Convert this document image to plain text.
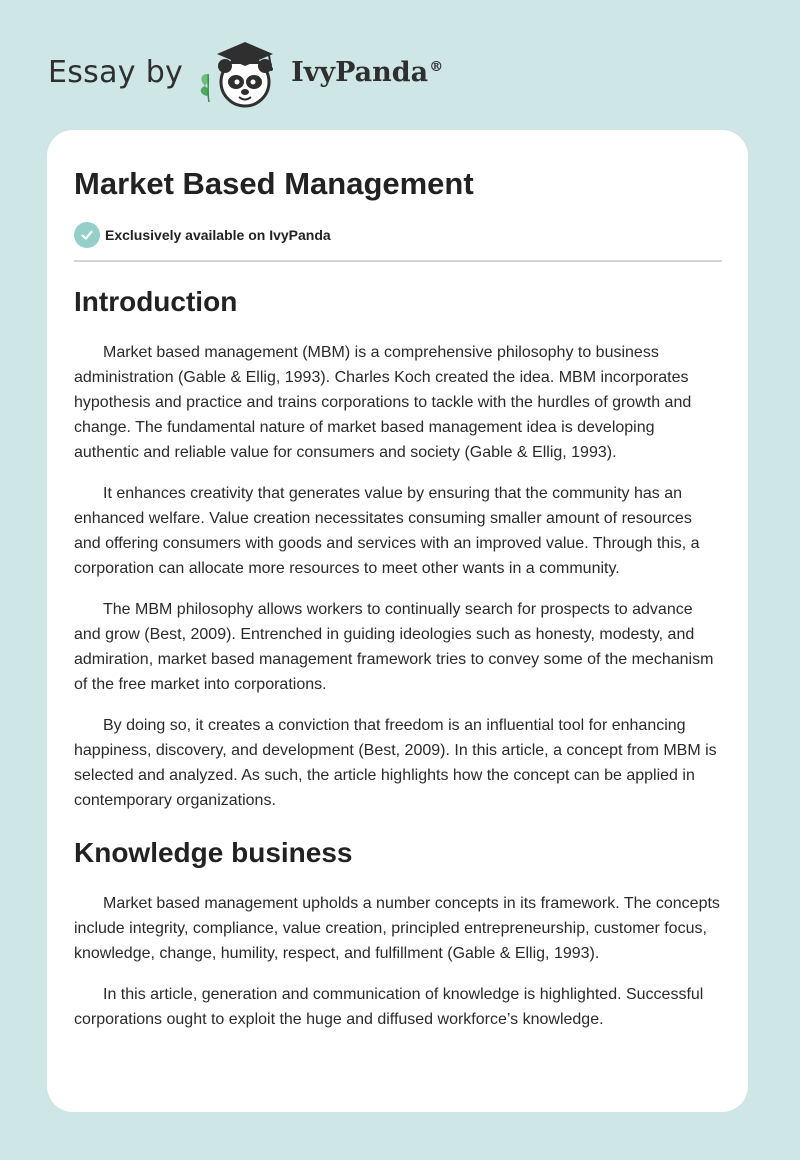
Essay by	IvyPanda®
Market Based Management
Exclusively available on IvyPanda
Introduction

Market based management (MBM) is a comprehensive philosophy to business administration (Gable & Ellig, 1993). Charles Koch created the idea. MBM incorporates hypothesis and practice and trains corporations to tackle with the hurdles of growth and change. The fundamental nature of market based management idea is developing authentic and reliable value for consumers and society (Gable & Ellig, 1993).

It enhances creativity that generates value by ensuring that the community has an enhanced welfare. Value creation necessitates consuming smaller amount of resources and offering consumers with goods and services with an improved value. Through this, a corporation can allocate more resources to meet other wants in a community.

The MBM philosophy allows workers to continually search for prospects to advance and grow (Best, 2009). Entrenched in guiding ideologies such as honesty, modesty, and admiration, market based management framework tries to convey some of the mechanism of the free market into corporations.

By doing so, it creates a conviction that freedom is an influential tool for enhancing happiness, discovery, and development (Best, 2009). In this article, a concept from MBM is selected and analyzed. As such, the article highlights how the concept can be applied in contemporary organizations.

Knowledge business

Market based management upholds a number concepts in its framework. The concepts include integrity, compliance, value creation, principled entrepreneurship, customer focus, knowledge, change, humility, respect, and fulfillment (Gable & Ellig, 1993).

In this article, generation and communication of knowledge is highlighted. Successful corporations ought to exploit the huge and diffused workforce’s knowledge.
